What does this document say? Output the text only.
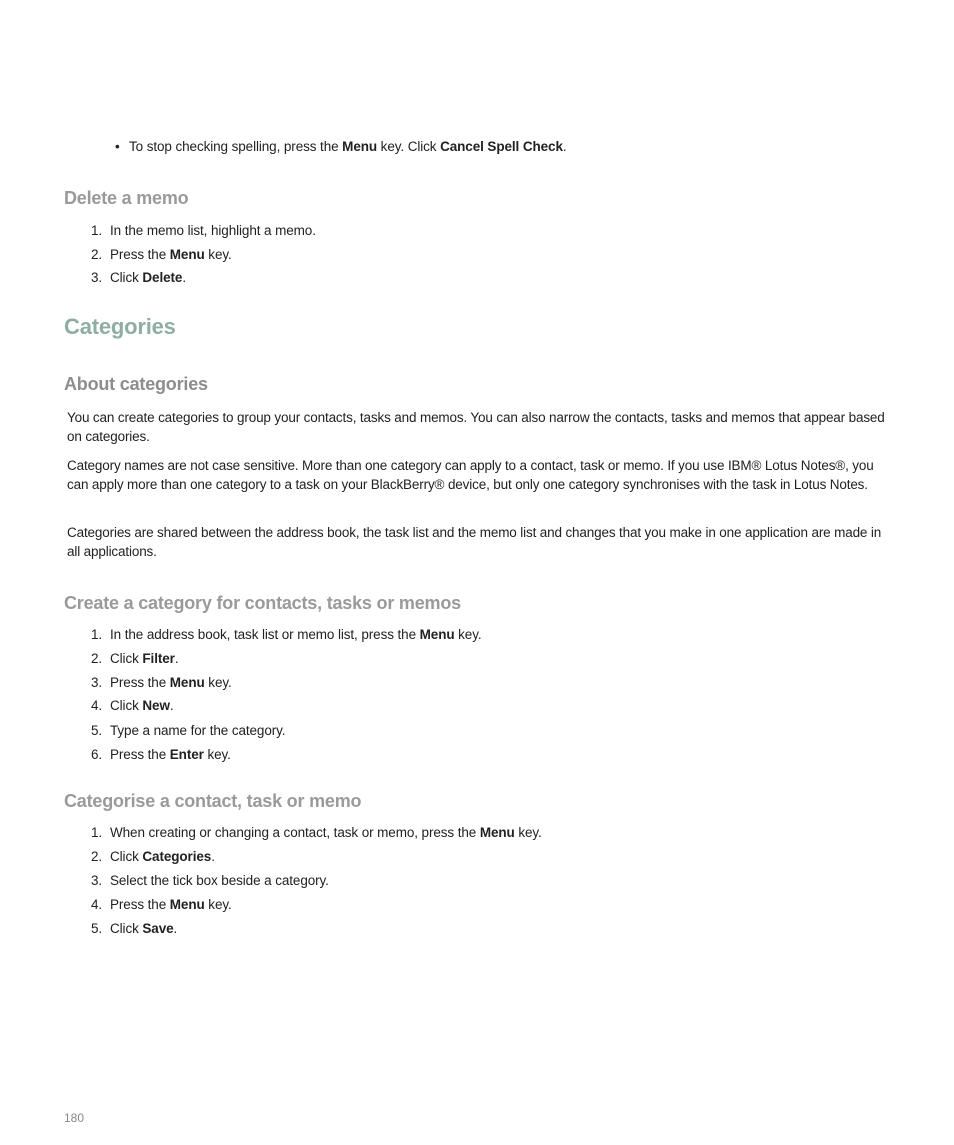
• To stop checking spelling, press the Menu key. Click Cancel Spell Check.
Delete a memo
1. In the memo list, highlight a memo.
2. Press the Menu key.
3. Click Delete.
Categories
About categories
You can create categories to group your contacts, tasks and memos. You can also narrow the contacts, tasks and memos that appear based on categories.
Category names are not case sensitive. More than one category can apply to a contact, task or memo. If you use IBM® Lotus Notes®, you can apply more than one category to a task on your BlackBerry® device, but only one category synchronises with the task in Lotus Notes.
Categories are shared between the address book, the task list and the memo list and changes that you make in one application are made in all applications.
Create a category for contacts, tasks or memos
1. In the address book, task list or memo list, press the Menu key.
2. Click Filter.
3. Press the Menu key.
4. Click New.
5. Type a name for the category.
6. Press the Enter key.
Categorise a contact, task or memo
1. When creating or changing a contact, task or memo, press the Menu key.
2. Click Categories.
3. Select the tick box beside a category.
4. Press the Menu key.
5. Click Save.
180
